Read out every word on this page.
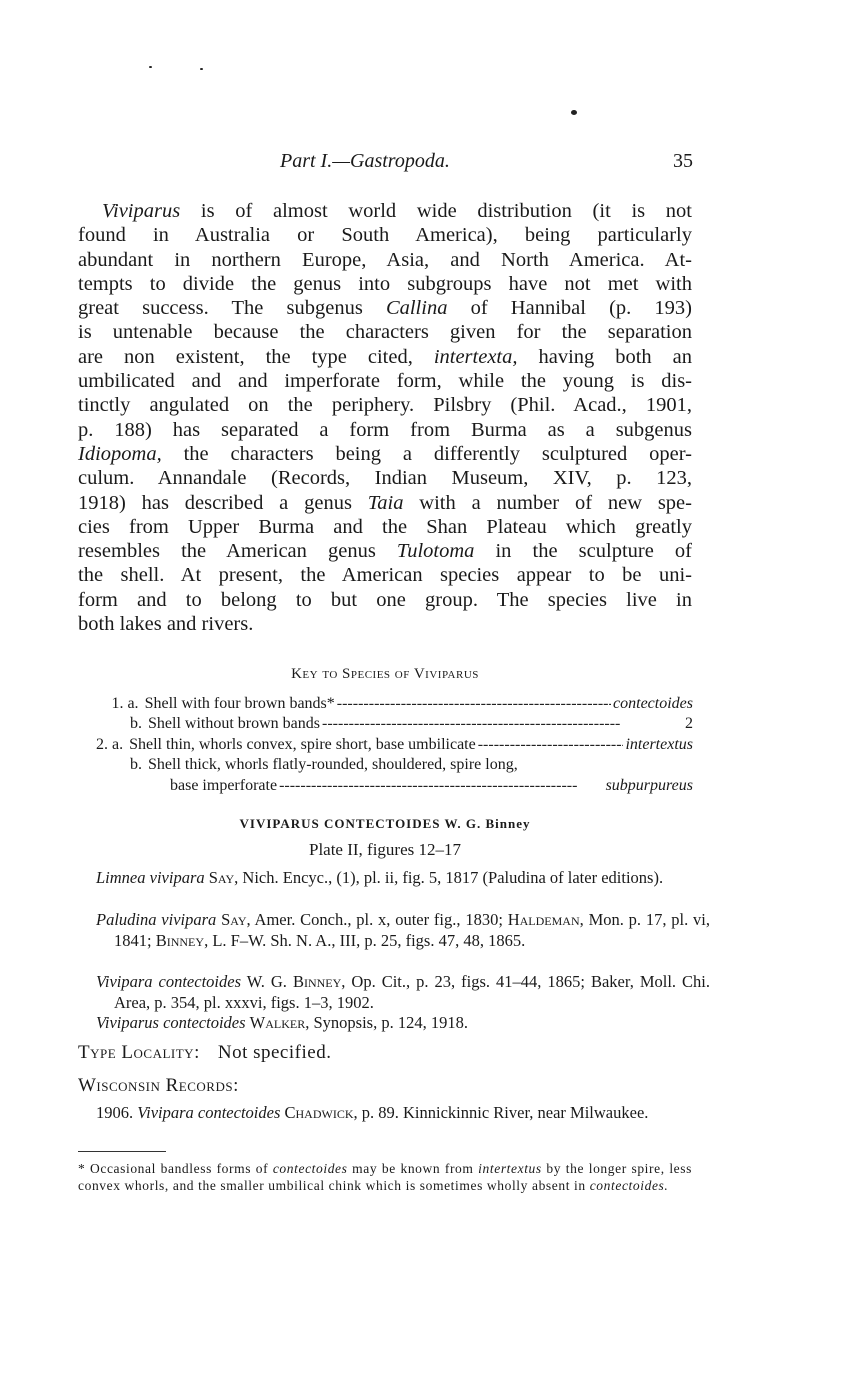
Part I.—Gastropoda.	35
Viviparus is of almost world wide distribution (it is not
found in Australia or South America), being particularly
abundant in northern Europe, Asia, and North America. At-
tempts to divide the genus into subgroups have not met with
great success. The subgenus Callina of Hannibal (p. 193)
is untenable because the characters given for the separation
are non existent, the type cited, intertexta, having both an
umbilicated and and imperforate form, while the young is dis-
tinctly angulated on the periphery. Pilsbry (Phil. Acad., 1901,
p. 188) has separated a form from Burma as a subgenus
Idiopoma, the characters being a differently sculptured oper-
culum. Annandale (Records, Indian Museum, XIV, p. 123,
1918) has described a genus Taia with a number of new spe-
cies from Upper Burma and the Shan Plateau which greatly
resembles the American genus Tulotoma in the sculpture of
the shell. At present, the American species appear to be uni-
form and to belong to but one group. The species live in
both lakes and rivers.
Key to Species of Viviparus
1. a. Shell with four brown bands* - - -	contectoides
b. Shell without brown bands - - -	2
2. a. Shell thin, whorls convex, spire short, base umbilicate - - -	intertextus
b. Shell thick, whorls flatly-rounded, shouldered, spire long,
base imperforate - - -	subpurpureus
VIVIPARUS CONTECTOIDES W. G. Binney
Plate II, figures 12–17

Limnea vivipara Say, Nich. Encyc., (1), pl. ii, fig. 5, 1817 (Paludina of later editions).

Paludina vivipara Say, Amer. Conch., pl. x, outer fig., 1830; Haldeman, Mon. p. 17, pl. vi, 1841; Binney, L. F–W. Sh. N. A., III, p. 25, figs. 47, 48, 1865.

Vivipara contectoides W. G. Binney, Op. Cit., p. 23, figs. 41–44, 1865; Baker, Moll. Chi. Area, p. 354, pl. xxxvi, figs. 1–3, 1902.

Viviparus contectoides Walker, Synopsis, p. 124, 1918.

Type Locality: Not specified.
Wisconsin Records:
1906. Vivipara contectoides Chadwick, p. 89. Kinnickinnic River, near Milwaukee.
* Occasional bandless forms of contectoides may be known from intertextus by the longer spire, less convex whorls, and the smaller umbilical chink which is sometimes wholly absent in contectoides.
